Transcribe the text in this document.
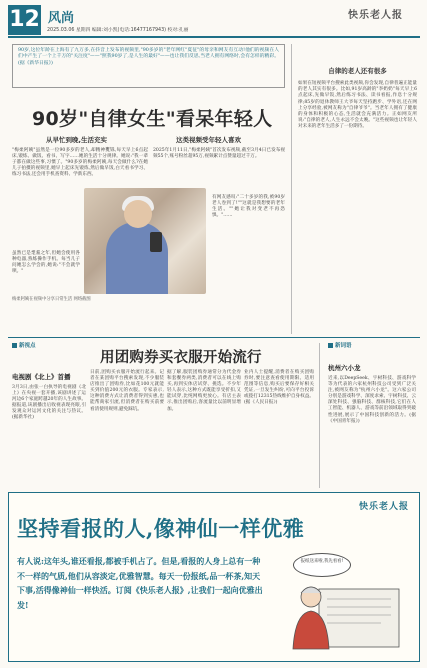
12 风尚
2025.03.06 星期四 编辑:刘小凯(电话:16477167943) 校对:孔丽
快乐老人报
90岁,这位年龄在上海有了九万多,在抖音上发布的视频里,"90多岁的"老年网红"夏征"的母亲和网友有互动!他们的视频在人们中产生了一个上千万的"关注度"——"照我90岁了,是人生的最好"——也让我们反思,当老人拥有网络时,会有怎样的精彩。(据《新华日报》)
90岁"自律女生"看呆年轻人
从早忙到晚,生活充实	这类视频受年轻人喜欢
"梅柔阿姨"虽然是一位90多岁的老人,却精神矍铄,每天早上6点起床,锻炼、做饭、看书、写字……她的生活十分规律。她说:"我一辈子都在做这些事,习惯了。"90多岁的梅柔阿姨,每天会做什么?在她儿子拍摄的视频里,她早上起床先锻炼,然后做早饭,白天看书学习、练习书法,还会用手机查资料、学新东西。
虽然已是耄耋之年,但她会使用各种电器,熟练操作手机。每当儿子问她怎么学会的,她说:"不会就学呗。"
2025年1月11日,"梅柔阿姨"首次发布视频,截至3月4日已发布视频55个,账号粉丝超95万,视频累计点赞量超过千万。
有网友感叹:"二十多岁的我,被90岁老人卷到了!""这就是我想要的老年生活。""她让我对变老不再恐惧。"……
梅柔阿姨在视频中分享日常生活 网络截图
自律的老人还有很多
如果在短视频平台搜索此类视频,你会发现,自律普遍正能量的老人其实有很多。比如,91岁高龄的"李奶奶"每天早上6点起床,先做早饭,然后练习书法、读书看报,作息十分规律;85岁的退休教师王大爷每天坚持跑步、学外语,还在网上分享经验,被网友称为"自律爷爷"。当老年人拥有了健康的身体和积极的心态,生活就会充满活力。正如网友所说:"自律的老人,人生永远不会太晚。"这些视频也让年轻人对未来的老年生活多了一份期待。
新视点	新词语
用团购券买衣服开始流行
电视剧《北上》首播
3月3日,由张一白执导的电视剧《北上》在央视一套开播,该剧讲述了运河边6个家庭跨越20年的人生故事。据报道,该剧播出后收视表现亮眼,引发观众对运河文化的关注与热议。(据新华社)
日前,团购买衣服开始流行起来。记者在某团购平台搜索发现,不少服装店推出了团购券,比如花100元就能买到价值200元的衣服。专家表示,这种消费方式让消费者得到实惠,也能帮商家引流,但消费者在购买前要看清使用规则,避免踩坑。
据了解,服装团购券通常分为代金券和套餐券两类,消费者可以在线上购买,再到实体店试穿、挑选。不少年轻人表示,这种方式既能享受折扣,又能试穿,比纯网购更放心。有店主表示,推出团购后,客流量比以前明显增加。
业内人士提醒,消费者在购买团购券时,要注意查看使用期限、适用范围等信息,购买后要保存好相关凭证,一旦发生纠纷,可向平台投诉或拨打12315热线维护自身权益。(据《人民日报》)
杭州六小龙
近来,以DeepSeek、宇树科技、游戏科学等为代表的六家杭州科技公司受到广泛关注,被网友称为"杭州六小龙"。这六家公司分别是游戏科学、深度求索、宇树科技、云深处科技、强脑科技、群核科技,它们在人工智能、机器人、游戏等前沿领域取得突破性进展,展示了中国科技创新的活力。(据《中国青年报》)
快乐老人报
坚持看报的人,像神仙一样优雅
有人说:这年头,谁还看报,都被手机占了。但是,看报的人身上总有一种不一样的气质,他们从容淡定,优雅智慧。每天一份报纸,品一杯茶,知天下事,活得像神仙一样快活。订阅《快乐老人报》,让我们一起向优雅出发!
报纸送来啦,我先看看!
